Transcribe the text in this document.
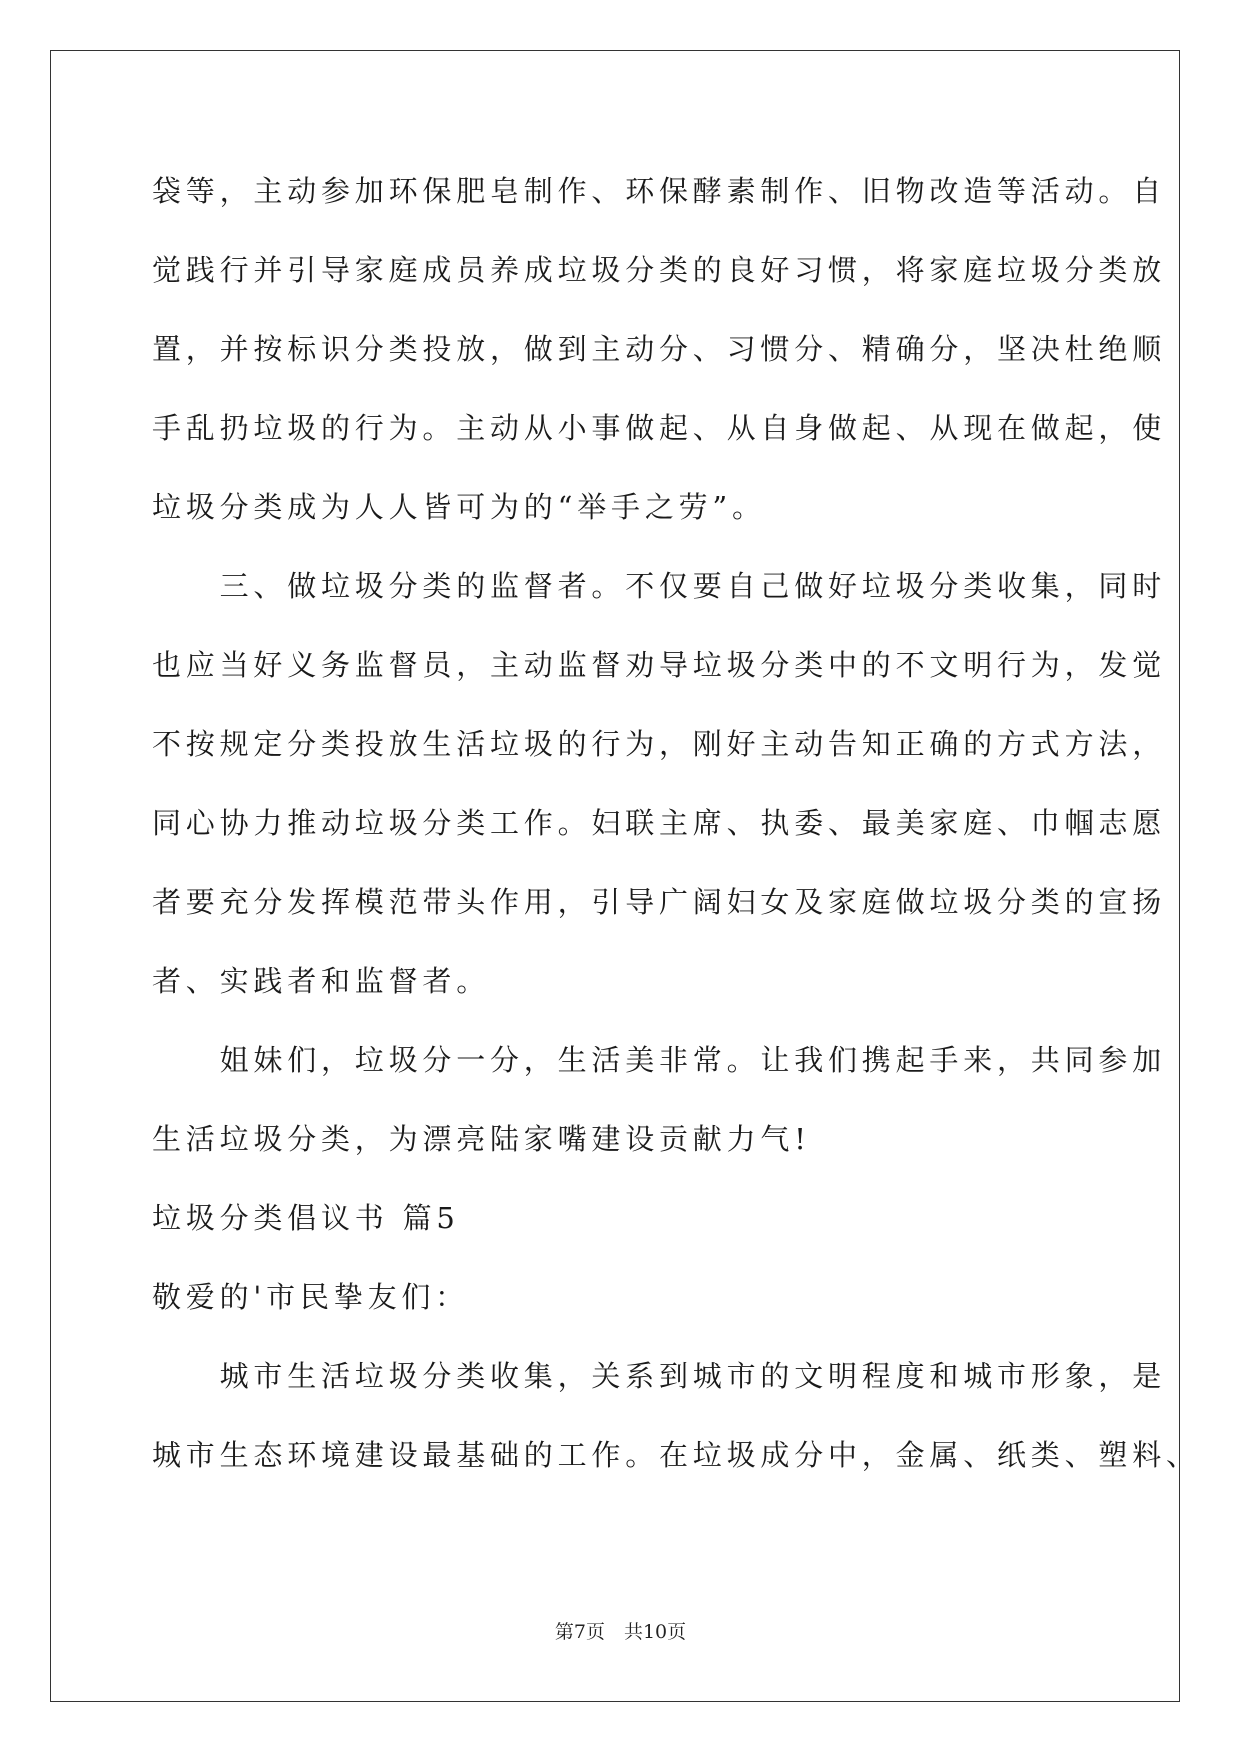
袋等，主动参加环保肥皂制作、环保酵素制作、旧物改造等活动。自
觉践行并引导家庭成员养成垃圾分类的良好习惯，将家庭垃圾分类放
置，并按标识分类投放，做到主动分、习惯分、精确分，坚决杜绝顺
手乱扔垃圾的行为。主动从小事做起、从自身做起、从现在做起，使
垃圾分类成为人人皆可为的“举手之劳”。
　　三、做垃圾分类的监督者。不仅要自己做好垃圾分类收集，同时
也应当好义务监督员，主动监督劝导垃圾分类中的不文明行为，发觉
不按规定分类投放生活垃圾的行为，刚好主动告知正确的方式方法，
同心协力推动垃圾分类工作。妇联主席、执委、最美家庭、巾帼志愿
者要充分发挥模范带头作用，引导广阔妇女及家庭做垃圾分类的宣扬
者、实践者和监督者。
　　姐妹们，垃圾分一分，生活美非常。让我们携起手来，共同参加
生活垃圾分类，为漂亮陆家嘴建设贡献力气!
垃圾分类倡议书 篇5
敬爱的'市民挚友们：
　　城市生活垃圾分类收集，关系到城市的文明程度和城市形象，是
城市生态环境建设最基础的工作。在垃圾成分中，金属、纸类、塑料、
第7页　共10页
